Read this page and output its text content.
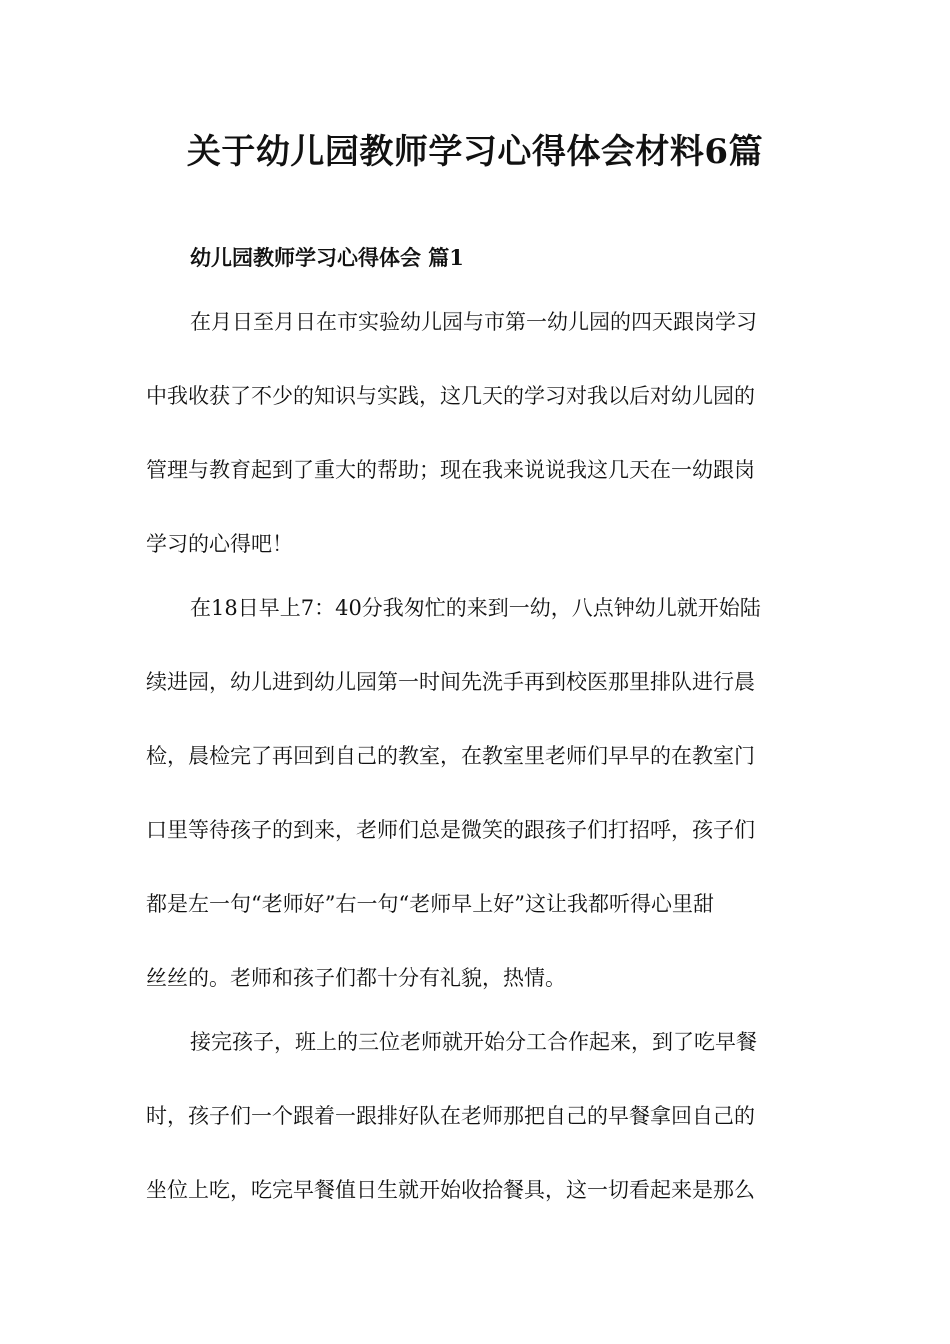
关于幼儿园教师学习心得体会材料6篇
幼儿园教师学习心得体会 篇1
在月日至月日在市实验幼儿园与市第一幼儿园的四天跟岗学习
中我收获了不少的知识与实践，这几天的学习对我以后对幼儿园的
管理与教育起到了重大的帮助；现在我来说说我这几天在一幼跟岗
学习的心得吧！
在18日早上7：40分我匆忙的来到一幼，八点钟幼儿就开始陆
续进园，幼儿进到幼儿园第一时间先洗手再到校医那里排队进行晨
检，晨检完了再回到自己的教室，在教室里老师们早早的在教室门
口里等待孩子的到来，老师们总是微笑的跟孩子们打招呼，孩子们
都是左一句“老师好”右一句“老师早上好”这让我都听得心里甜
丝丝的。老师和孩子们都十分有礼貌，热情。
接完孩子，班上的三位老师就开始分工合作起来，到了吃早餐
时，孩子们一个跟着一跟排好队在老师那把自己的早餐拿回自己的
坐位上吃，吃完早餐值日生就开始收拾餐具，这一切看起来是那么
